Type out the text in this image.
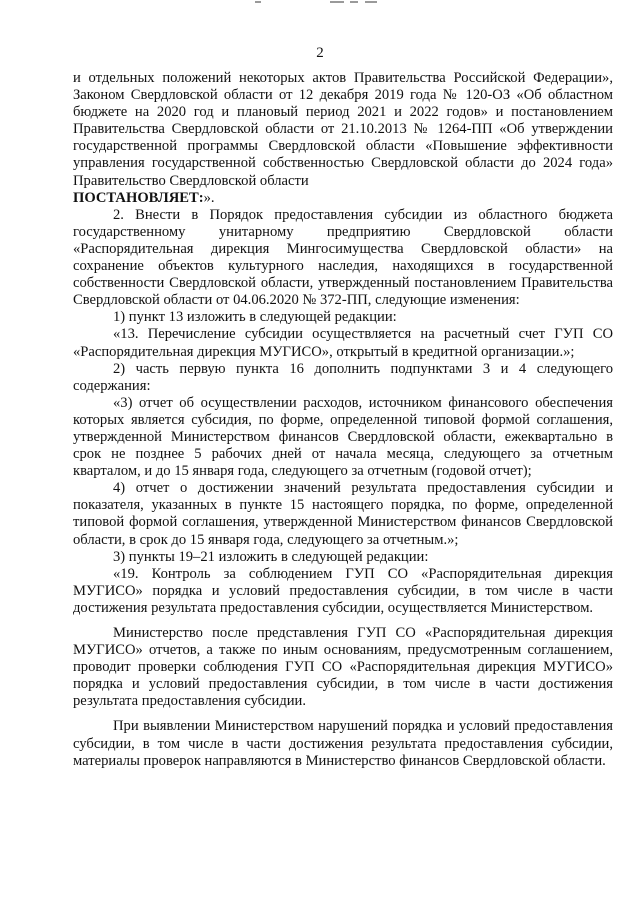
2

и отдельных положений некоторых актов Правительства Российской Федерации», Законом Свердловской области от 12 декабря 2019 года № 120-ОЗ «Об областном бюджете на 2020 год и плановый период 2021 и 2022 годов» и постановлением Правительства Свердловской области от 21.10.2013 № 1264-ПП «Об утверждении государственной программы Свердловской области «Повышение эффективности управления государственной собственностью Свердловской области до 2024 года» Правительство Свердловской области

ПОСТАНОВЛЯЕТ:».

2. Внести в Порядок предоставления субсидии из областного бюджета государственному унитарному предприятию Свердловской области «Распорядительная дирекция Мингосимущества Свердловской области» на сохранение объектов культурного наследия, находящихся в государственной собственности Свердловской области, утвержденный постановлением Правительства Свердловской области от 04.06.2020 № 372-ПП, следующие изменения:

1) пункт 13 изложить в следующей редакции:

«13. Перечисление субсидии осуществляется на расчетный счет ГУП СО «Распорядительная дирекция МУГИСО», открытый в кредитной организации.»;

2) часть первую пункта 16 дополнить подпунктами 3 и 4 следующего содержания:

«3) отчет об осуществлении расходов, источником финансового обеспечения которых является субсидия, по форме, определенной типовой формой соглашения, утвержденной Министерством финансов Свердловской области, ежеквартально в срок не позднее 5 рабочих дней от начала месяца, следующего за отчетным кварталом, и до 15 января года, следующего за отчетным (годовой отчет);

4) отчет о достижении значений результата предоставления субсидии и показателя, указанных в пункте 15 настоящего порядка, по форме, определенной типовой формой соглашения, утвержденной Министерством финансов Свердловской области, в срок до 15 января года, следующего за отчетным.»;

3) пункты 19–21 изложить в следующей редакции:

«19. Контроль за соблюдением ГУП СО «Распорядительная дирекция МУГИСО» порядка и условий предоставления субсидии, в том числе в части достижения результата предоставления субсидии, осуществляется Министерством.

Министерство после представления ГУП СО «Распорядительная дирекция МУГИСО» отчетов, а также по иным основаниям, предусмотренным соглашением, проводит проверки соблюдения ГУП СО «Распорядительная дирекция МУГИСО» порядка и условий предоставления субсидии, в том числе в части достижения результата предоставления субсидии.

При выявлении Министерством нарушений порядка и условий предоставления субсидии, в том числе в части достижения результата предоставления субсидии, материалы проверок направляются в Министерство финансов Свердловской области.
